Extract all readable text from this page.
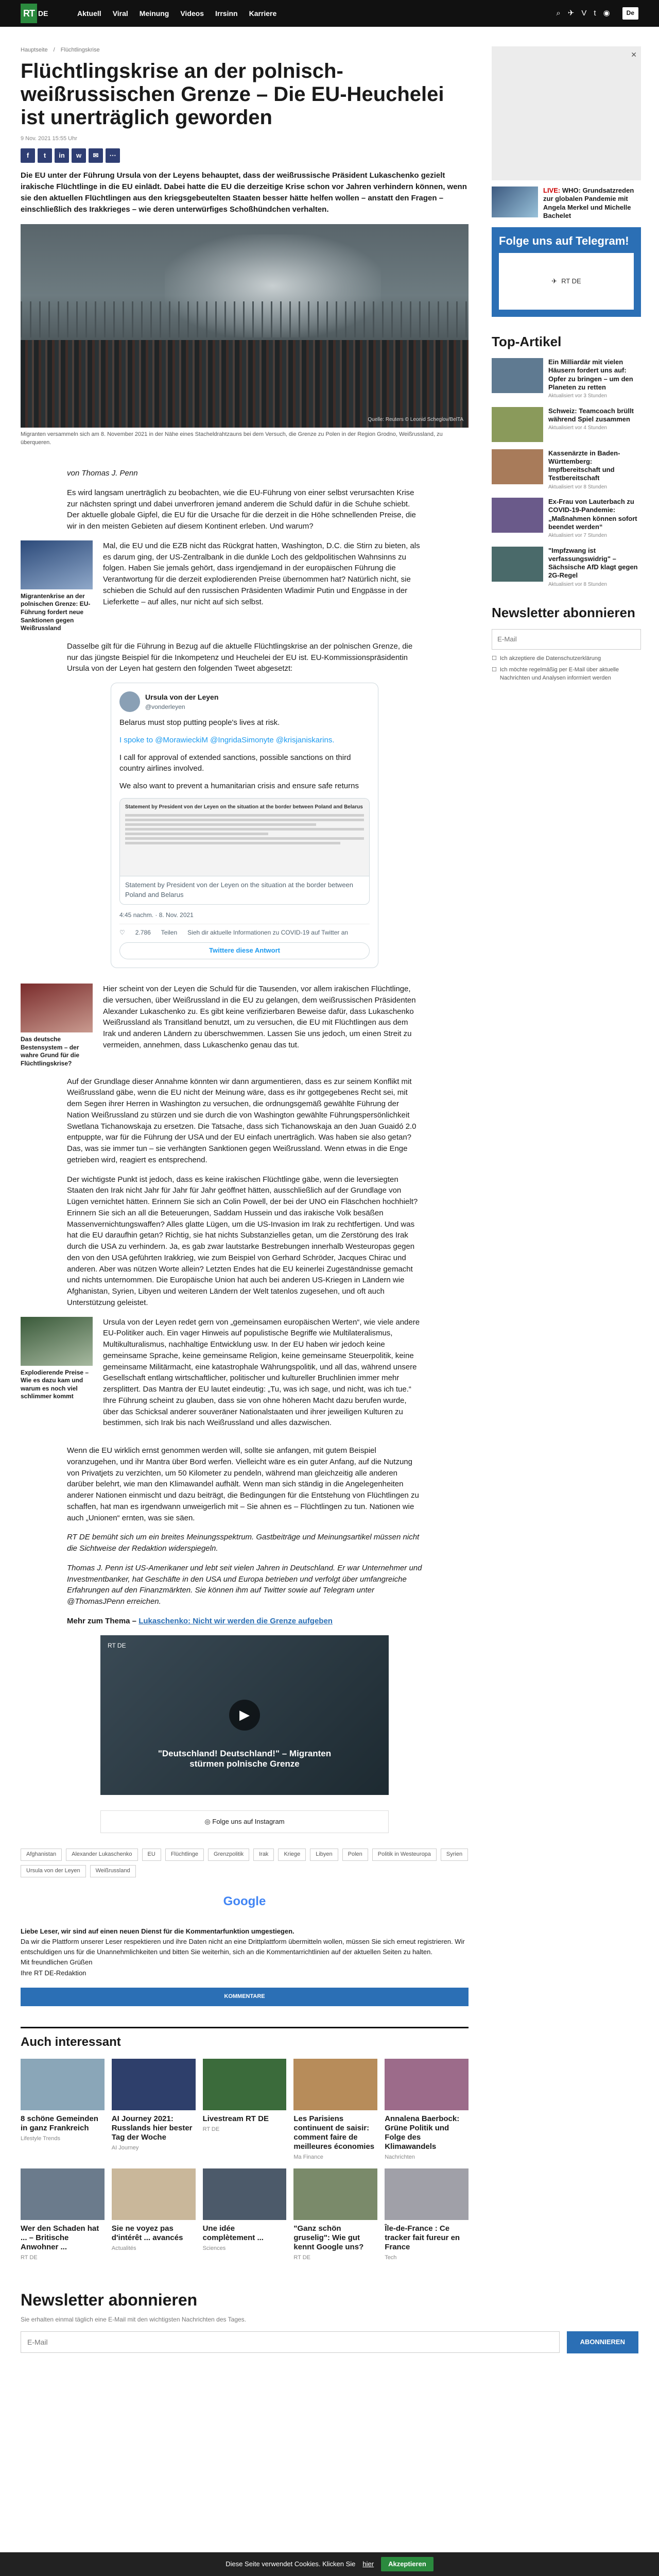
RT DE	Aktuell Viral Meinung Videos Irrsinn Karriere	⌕ ✈ V t ◉	De
Hauptseite / Flüchtlingskrise
Flüchtlingskrise an der polnisch-weißrussischen Grenze – Die EU-Heuchelei ist unerträglich geworden
9 Nov. 2021 15:55 Uhr
f	t	in	w	✉	⋯
Die EU unter der Führung Ursula von der Leyens behauptet, dass der weißrussische Präsident Lukaschenko gezielt irakische Flüchtlinge in die EU einlädt. Dabei hatte die EU die derzeitige Krise schon vor Jahren verhindern können, wenn sie den aktuellen Flüchtlingen aus den kriegsgebeutelten Staaten besser hätte helfen wollen – anstatt den Fragen – einschließlich des Irakkrieges – wie deren unterwürfiges Schoßhündchen verhalten.
Quelle: Reuters © Leonid Scheglov/BelTA
Migranten versammeln sich am 8. November 2021 in der Nähe eines Stacheldrahtzauns bei dem Versuch, die Grenze zu Polen in der Region Grodno, Weißrussland, zu überqueren.

von Thomas J. Penn

Es wird langsam unerträglich zu beobachten, wie die EU-Führung von einer selbst verursachten Krise zur nächsten springt und dabei unverfroren jemand anderem die Schuld dafür in die Schuhe schiebt. Der aktuelle globale Gipfel, die EU für die Ursache für die derzeit in die Höhe schnellenden Preise, die wir in den meisten Gebieten auf diesem Kontinent erleben. Und warum?

Migrantenkrise an der polnischen Grenze: EU-Führung fordert neue Sanktionen gegen Weißrussland

Mal, die EU und die EZB nicht das Rückgrat hatten, Washington, D.C. die Stirn zu bieten, als es darum ging, der US-Zentralbank in die dunkle Loch des geldpolitischen Wahnsinns zu folgen. Haben Sie jemals gehört, dass irgendjemand in der europäischen Führung die Verantwortung für die derzeit explodierenden Preise übernommen hat? Natürlich nicht, sie schieben die Schuld auf den russischen Präsidenten Wladimir Putin und Engpässe in der Lieferkette – auf alles, nur nicht auf sich selbst.

Dasselbe gilt für die Führung in Bezug auf die aktuelle Flüchtlingskrise an der polnischen Grenze, die nur das jüngste Beispiel für die Inkompetenz und Heuchelei der EU ist. EU-Kommissionspräsidentin Ursula von der Leyen hat gestern den folgenden Tweet abgesetzt:

Ursula von der Leyen
@vonderleyen

Belarus must stop putting people's lives at risk.

I spoke to @MorawieckiM @IngridaSimonyte @krisjaniskarins.

I call for approval of extended sanctions, possible sanctions on third country airlines involved.

We also want to prevent a humanitarian crisis and ensure safe returns

Statement by President von der Leyen on the situation at the border between Poland and Belarus
Statement by President von der Leyen on the situation at the border between Poland and Belarus
4:45 nachm. · 8. Nov. 2021
♡ 2.786 Teilen Sieh dir aktuelle Informationen zu COVID-19 auf Twitter an
Twittere diese Antwort
Das deutsche Bestensystem – der wahre Grund für die Flüchtlingskrise?

Hier scheint von der Leyen die Schuld für die Tausenden, vor allem irakischen Flüchtlinge, die versuchen, über Weißrussland in die EU zu gelangen, dem weißrussischen Präsidenten Alexander Lukaschenko zu. Es gibt keine verifizierbaren Beweise dafür, dass Lukaschenko Weißrussland als Transitland benutzt, um zu versuchen, die EU mit Flüchtlingen aus dem Irak und anderen Ländern zu überschwemmen. Lassen Sie uns jedoch, um einen Streit zu vermeiden, annehmen, dass Lukaschenko genau das tut.

Auf der Grundlage dieser Annahme könnten wir dann argumentieren, dass es zur seinem Konflikt mit Weißrussland gäbe, wenn die EU nicht der Meinung wäre, dass es ihr gottgegebenes Recht sei, mit dem Segen ihrer Herren in Washington zu versuchen, die ordnungsgemäß gewählte Führung der Nation Weißrussland zu stürzen und sie durch die von Washington gewählte Führungspersönlichkeit Swetlana Tichanowskaja zu ersetzen. Die Tatsache, dass sich Tichanowskaja an den Juan Guaidó 2.0 entpuppte, war für die Führung der USA und der EU einfach unerträglich. Was haben sie also getan? Das, was sie immer tun – sie verhängten Sanktionen gegen Weißrussland. Wenn etwas in die Enge getrieben wird, reagiert es entsprechend.

Der wichtigste Punkt ist jedoch, dass es keine irakischen Flüchtlinge gäbe, wenn die leversiegten Staaten den Irak nicht Jahr für Jahr für Jahr geöffnet hätten, ausschließlich auf der Grundlage von Lügen vernichtet hätten. Erinnern Sie sich an Colin Powell, der bei der UNO ein Fläschchen hochhielt? Erinnern Sie sich an all die Beteuerungen, Saddam Hussein und das irakische Volk besäßen Massenvernichtungswaffen? Alles glatte Lügen, um die US-Invasion im Irak zu rechtfertigen. Und was hat die EU daraufhin getan? Richtig, sie hat nichts Substanzielles getan, um die Zerstörung des Irak durch die USA zu verhindern. Ja, es gab zwar lautstarke Bestrebungen innerhalb Westeuropas gegen den von den USA geführten Irakkrieg, wie zum Beispiel von Gerhard Schröder, Jacques Chirac und anderen. Aber was nützen Worte allein? Letzten Endes hat die EU keinerlei Zugeständnisse gemacht und nichts unternommen. Die Europäische Union hat auch bei anderen US-Kriegen in Ländern wie Afghanistan, Syrien, Libyen und weiteren Ländern der Welt tatenlos zugesehen, und oft auch Unterstützung geleistet.

Explodierende Preise – Wie es dazu kam und warum es noch viel schlimmer kommt

Ursula von der Leyen redet gern von „gemeinsamen europäischen Werten“, wie viele andere EU-Politiker auch. Ein vager Hinweis auf populistische Begriffe wie Multilateralismus, Multikulturalismus, nachhaltige Entwicklung usw. In der EU haben wir jedoch keine gemeinsame Sprache, keine gemeinsame Religion, keine gemeinsame Steuerpolitik, keine gemeinsame Militärmacht, eine katastrophale Währungspolitik, und all das, während unsere Gesellschaft entlang wirtschaftlicher, politischer und kultureller Bruchlinien immer mehr zersplittert. Das Mantra der EU lautet eindeutig: „Tu, was ich sage, und nicht, was ich tue.“ Ihre Führung scheint zu glauben, dass sie von ohne höheren Macht dazu berufen wurde, über das Schicksal anderer souveräner Nationalstaaten und ihrer jeweiligen Kulturen zu bestimmen, sich Irak bis nach Weißrussland und alles dazwischen.

Wenn die EU wirklich ernst genommen werden will, sollte sie anfangen, mit gutem Beispiel voranzugehen, und ihr Mantra über Bord werfen. Vielleicht wäre es ein guter Anfang, auf die Nutzung von Privatjets zu verzichten, um 50 Kilometer zu pendeln, während man gleichzeitig alle anderen darüber belehrt, wie man den Klimawandel aufhält. Wenn man sich ständig in die Angelegenheiten anderer Nationen einmischt und dazu beiträgt, die Bedingungen für die Entstehung von Flüchtlingen zu schaffen, hat man es irgendwann unweigerlich mit – Sie ahnen es – Flüchtlingen zu tun. Nationen wie auch „Unionen“ ernten, was sie säen.

RT DE bemüht sich um ein breites Meinungsspektrum. Gastbeiträge und Meinungsartikel müssen nicht die Sichtweise der Redaktion widerspiegeln.

Thomas J. Penn ist US-Amerikaner und lebt seit vielen Jahren in Deutschland. Er war Unternehmer und Investmentbanker, hat Geschäfte in den USA und Europa betrieben und verfolgt über umfangreiche Erfahrungen auf den Finanzmärkten. Sie können ihm auf Twitter sowie auf Telegram unter @ThomasJPenn erreichen.

Mehr zum Thema – Lukaschenko: Nicht wir werden die Grenze aufgeben

RT DE
▶
"Deutschland! Deutschland!" – Migranten stürmen polnische Grenze
◎ Folge uns auf Instagram
Afghanistan	Alexander Lukaschenko	EU	Flüchtlinge	Grenzpolitik	Irak	Kriege	Libyen	Polen	Politik in Westeuropa	Syrien
Ursula von der Leyen	Weißrussland
Google
Liebe Leser, wir sind auf einen neuen Dienst für die Kommentarfunktion umgestiegen.
Da wir die Plattform unserer Leser respektieren und ihre Daten nicht an eine Drittplattform übermitteln wollen, müssen Sie sich erneut registrieren. Wir entschuldigen uns für die Unannehmlichkeiten und bitten Sie weiterhin, sich an die Kommentarrichtlinien auf der aktuellen Seiten zu halten.
Mit freundlichen Grüßen
Ihre RT DE-Redaktion
KOMMENTARE
Auch interessant
8 schöne Gemeinden in ganz Frankreich
Lifestyle Trends
AI Journey 2021: Russlands hier bester Tag der Woche
AI Journey
Livestream RT DE
RT DE
Les Parisiens continuent de saisir: comment faire de meilleures économies
Ma Finance
Annalena Baerbock: Grüne Politik und Folge des Klimawandels
Nachrichten
Wer den Schaden hat ... – Britische Anwohner ...
RT DE
Sie ne voyez pas d'intérêt ... avancés
Actualités
Une idée complètement ...
Sciences
"Ganz schön gruselig": Wie gut kennt Google uns?
RT DE
Île-de-France : Ce tracker fait fureur en France
Tech
Newsletter abonnieren
Sie erhalten einmal täglich eine E-Mail mit den wichtigsten Nachrichten des Tages.
E-Mail
ABONNIEREN
✕
LIVE: WHO: Grundsatzreden zur globalen Pandemie mit Angela Merkel und Michelle Bachelet
Folge uns auf Telegram!
✈ RT DE
Top-Artikel
Ein Milliardär mit vielen Häusern fordert uns auf: Opfer zu bringen – um den Planeten zu retten
Aktualisiert vor 3 Stunden
Schweiz: Teamcoach brüllt während Spiel zusammen
Aktualisiert vor 4 Stunden
Kassenärzte in Baden-Württemberg: Impfbereitschaft und Testbereitschaft
Aktualisiert vor 8 Stunden
Ex-Frau von Lauterbach zu COVID-19-Pandemie: „Maßnahmen können sofort beendet werden“
Aktualisiert vor 7 Stunden
"Impfzwang ist verfassungswidrig" – Sächsische AfD klagt gegen 2G-Regel
Aktualisiert vor 8 Stunden
Newsletter abonnieren
E-Mail
☐ Ich akzeptiere die Datenschutzerklärung
☐ Ich möchte regelmäßig per E-Mail über aktuelle Nachrichten und Analysen informiert werden
Diese Seite verwendet Cookies. Klicken Sie hier	Akzeptieren
